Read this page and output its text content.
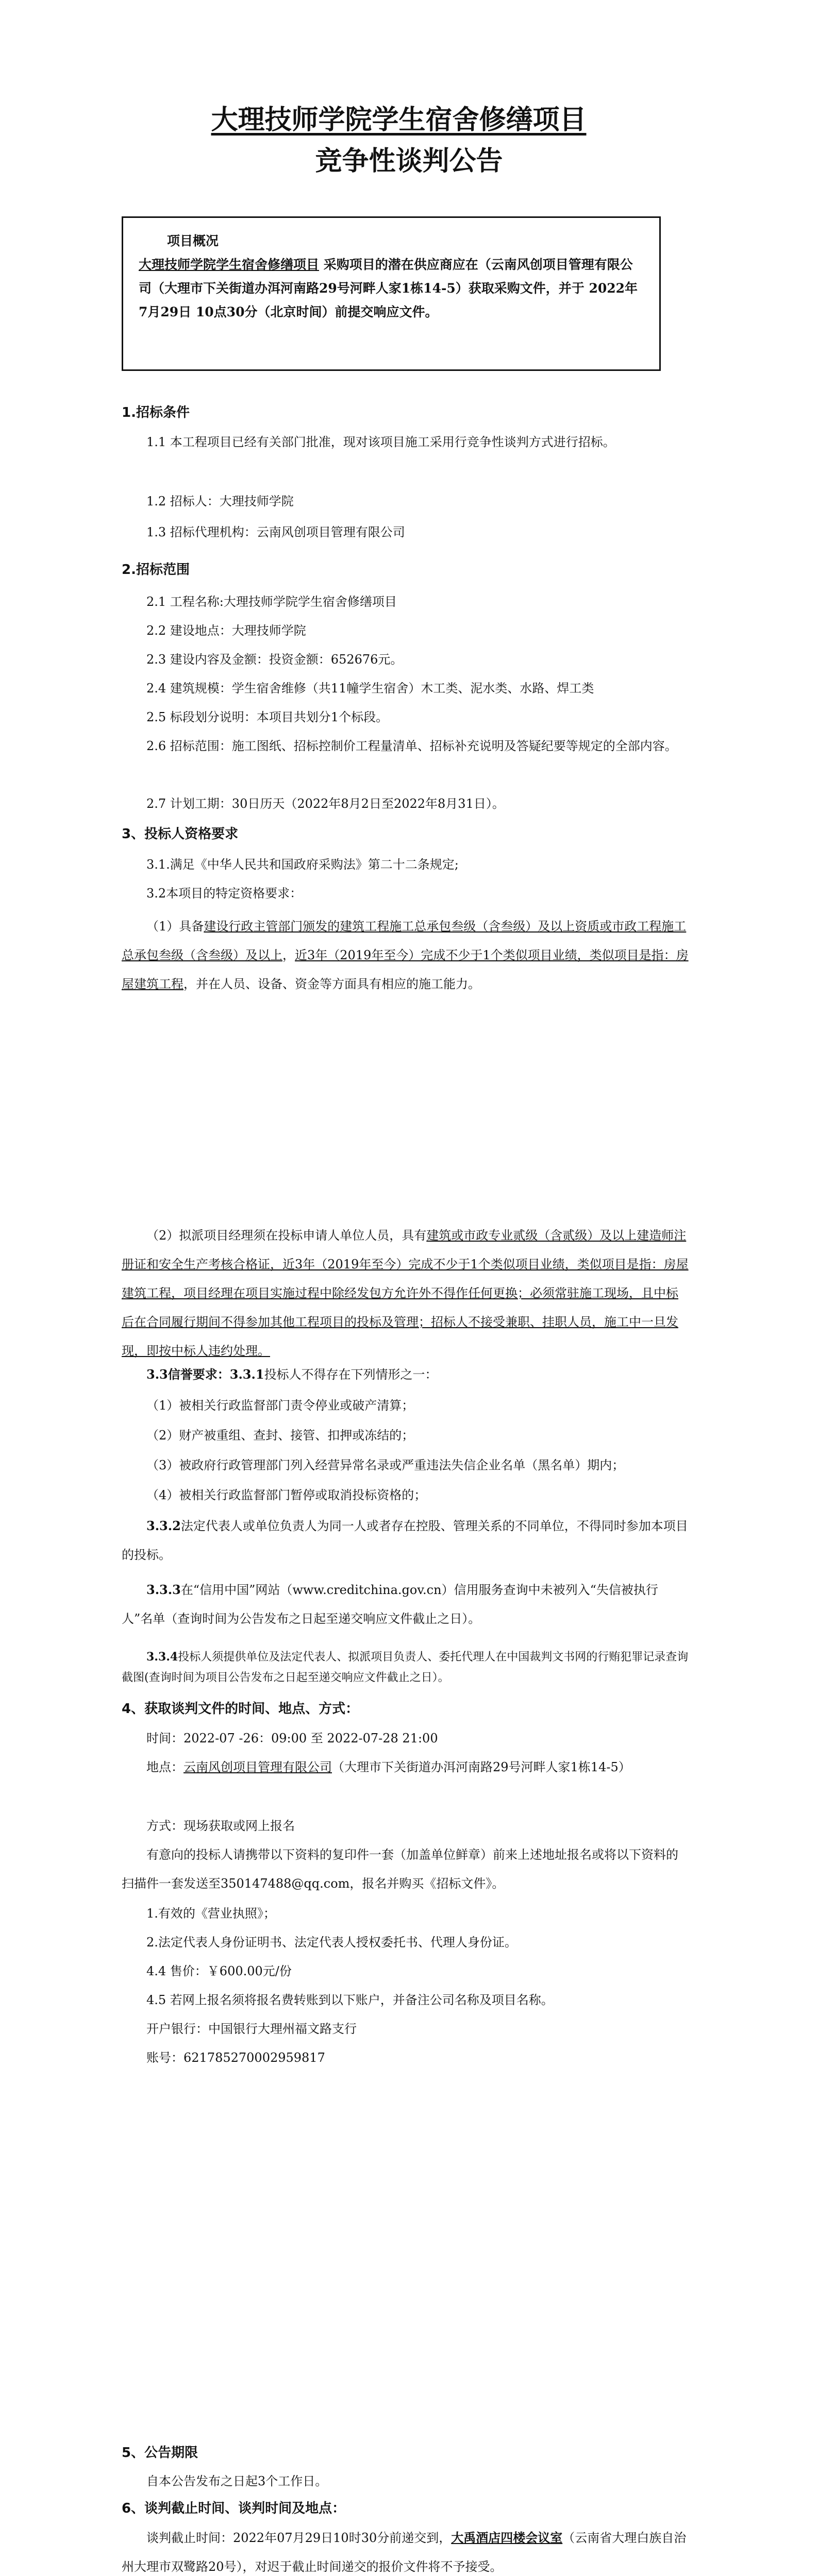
大理技师学院学生宿舍修缮项目
竞争性谈判公告
项目概况
大理技师学院学生宿舍修缮项目 采购项目的潜在供应商应在（云南风创项目管理有限公司（大理市下关街道办洱河南路29号河畔人家1栋14-5）获取采购文件，并于 2022年7月29日 10点30分（北京时间）前提交响应文件。
1.招标条件
1.1 本工程项目已经有关部门批准，现对该项目施工采用行竞争性谈判方式进行招标。
1.2 招标人：大理技师学院
1.3 招标代理机构：云南风创项目管理有限公司
2.招标范围
2.1 工程名称:大理技师学院学生宿舍修缮项目
2.2 建设地点：大理技师学院
2.3 建设内容及金额：投资金额：652676元。
2.4 建筑规模：学生宿舍维修（共11幢学生宿舍）木工类、泥水类、水路、焊工类
2.5 标段划分说明：本项目共划分1个标段。
2.6 招标范围：施工图纸、招标控制价工程量清单、招标补充说明及答疑纪要等规定的全部内容。
2.7 计划工期：30日历天（2022年8月2日至2022年8月31日）。
3、投标人资格要求
3.1.满足《中华人民共和国政府采购法》第二十二条规定;
3.2本项目的特定资格要求：
（1）具备建设行政主管部门颁发的建筑工程施工总承包叁级（含叁级）及以上资质或市政工程施工总承包叁级（含叁级）及以上，近3年（2019年至今）完成不少于1个类似项目业绩，类似项目是指：房屋建筑工程，并在人员、设备、资金等方面具有相应的施工能力。
（2）拟派项目经理须在投标申请人单位人员，具有建筑或市政专业贰级（含贰级）及以上建造师注册证和安全生产考核合格证，近3年（2019年至今）完成不少于1个类似项目业绩，类似项目是指：房屋建筑工程，项目经理在项目实施过程中除经发包方允许外不得作任何更换；必须常驻施工现场，且中标后在合同履行期间不得参加其他工程项目的投标及管理；招标人不接受兼职、挂职人员，施工中一旦发现，即按中标人违约处理。
3.3信誉要求：3.3.1投标人不得存在下列情形之一：
（1）被相关行政监督部门责令停业或破产清算；
（2）财产被重组、查封、接管、扣押或冻结的；
（3）被政府行政管理部门列入经营异常名录或严重违法失信企业名单（黑名单）期内；
（4）被相关行政监督部门暂停或取消投标资格的；
3.3.2法定代表人或单位负责人为同一人或者存在控股、管理关系的不同单位，不得同时参加本项目的投标。
3.3.3在“信用中国”网站（www.creditchina.gov.cn）信用服务查询中未被列入“失信被执行人”名单（查询时间为公告发布之日起至递交响应文件截止之日）。
3.3.4投标人须提供单位及法定代表人、拟派项目负责人、委托代理人在中国裁判文书网的行贿犯罪记录查询截图(查询时间为项目公告发布之日起至递交响应文件截止之日）。
4、获取谈判文件的时间、地点、方式：
时间：2022-07 -26：09:00 至 2022-07-28 21:00
地点：云南风创项目管理有限公司（大理市下关街道办洱河南路29号河畔人家1栋14-5）
方式：现场获取或网上报名
有意向的投标人请携带以下资料的复印件一套（加盖单位鲜章）前来上述地址报名或将以下资料的扫描件一套发送至350147488@qq.com，报名并购买《招标文件》。
1.有效的《营业执照》；
2.法定代表人身份证明书、法定代表人授权委托书、代理人身份证。
4.4 售价：￥600.00元/份
4.5 若网上报名须将报名费转账到以下账户，并备注公司名称及项目名称。
开户银行：中国银行大理州福文路支行
账号：621785270002959817
5、公告期限
自本公告发布之日起3个工作日。
6、谈判截止时间、谈判时间及地点：
谈判截止时间：2022年07月29日10时30分前递交到，大禹酒店四楼会议室（云南省大理白族自治州大理市双鹭路20号），对迟于截止时间递交的报价文件将不予接受。
